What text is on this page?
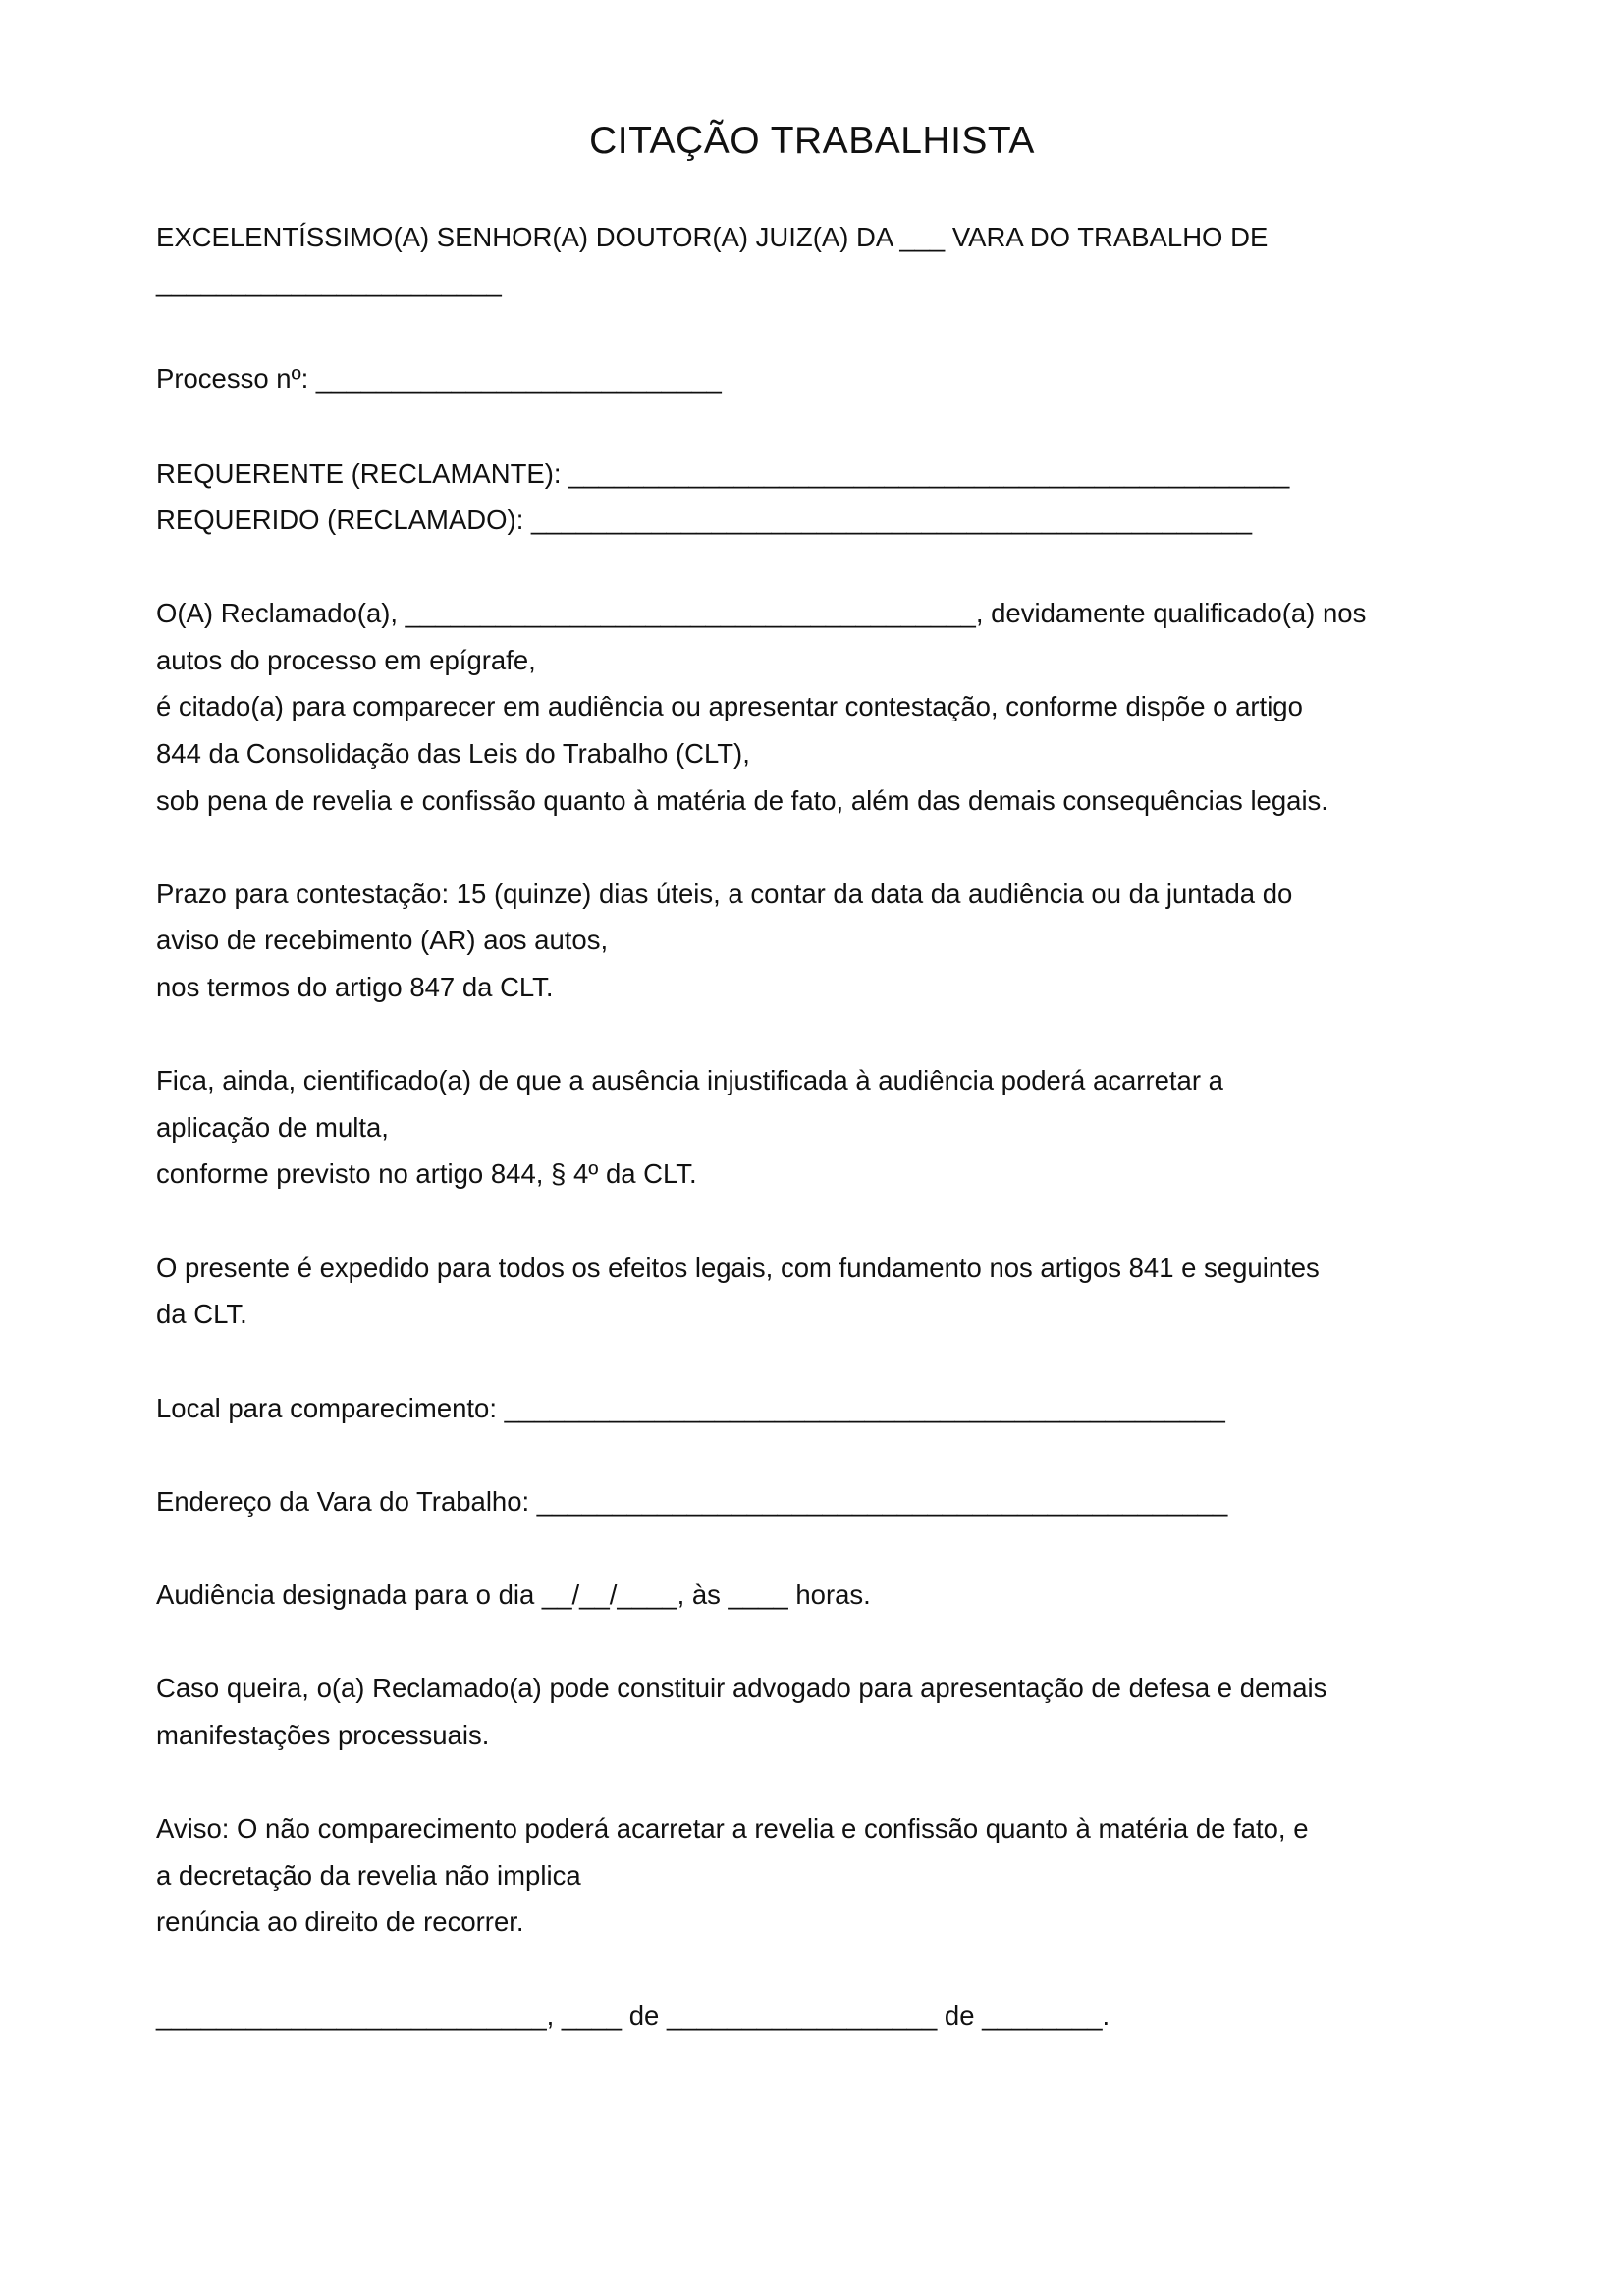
CITAÇÃO TRABALHISTA
EXCELENTÍSSIMO(A) SENHOR(A) DOUTOR(A) JUIZ(A) DA ___ VARA DO TRABALHO DE
_______________________
Processo nº: ___________________________
REQUERENTE (RECLAMANTE): ________________________________________________
REQUERIDO (RECLAMADO): ________________________________________________
O(A) Reclamado(a), ______________________________________, devidamente qualificado(a) nos
autos do processo em epígrafe,
é citado(a) para comparecer em audiência ou apresentar contestação, conforme dispõe o artigo
844 da Consolidação das Leis do Trabalho (CLT),
sob pena de revelia e confissão quanto à matéria de fato, além das demais consequências legais.
Prazo para contestação: 15 (quinze) dias úteis, a contar da data da audiência ou da juntada do
aviso de recebimento (AR) aos autos,
nos termos do artigo 847 da CLT.
Fica, ainda, cientificado(a) de que a ausência injustificada à audiência poderá acarretar a
aplicação de multa,
conforme previsto no artigo 844, § 4º da CLT.
O presente é expedido para todos os efeitos legais, com fundamento nos artigos 841 e seguintes
da CLT.
Local para comparecimento: ________________________________________________
Endereço da Vara do Trabalho: ______________________________________________
Audiência designada para o dia __/__/____, às ____ horas.
Caso queira, o(a) Reclamado(a) pode constituir advogado para apresentação de defesa e demais
manifestações processuais.
Aviso: O não comparecimento poderá acarretar a revelia e confissão quanto à matéria de fato, e
a decretação da revelia não implica
renúncia ao direito de recorrer.
__________________________, ____ de __________________ de ________.
